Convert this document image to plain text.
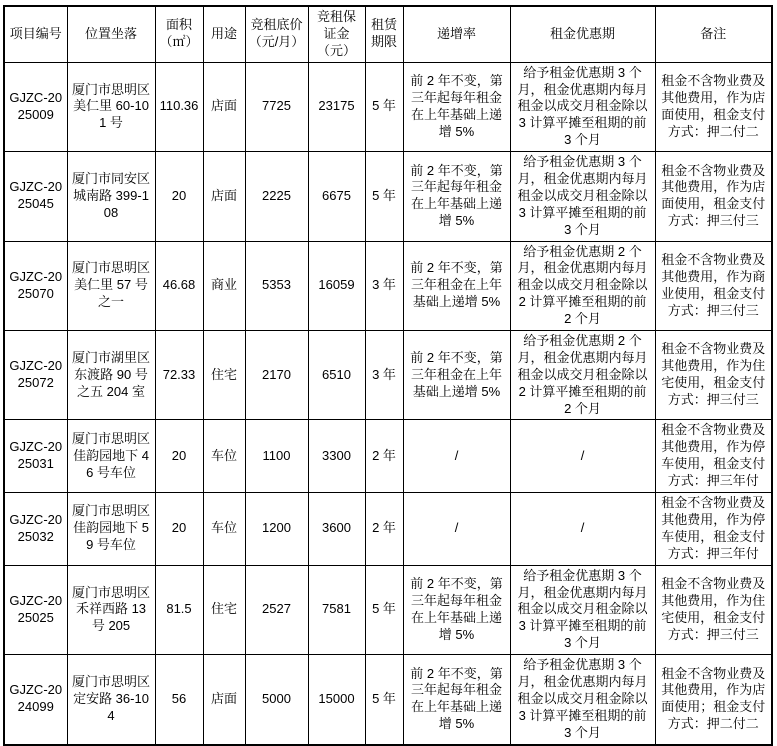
项目编号	位置坐落	面积（㎡）	用途	竞租底价（元/月）	竞租保证金（元）	租赁期限	递增率	租金优惠期	备注
GJZC-2025009	厦门市思明区美仁里 60-101 号	110.36	店面	7725	23175	5 年	前 2 年不变，第三年起每年租金在上年基础上递增 5%	给予租金优惠期 3 个月，租金优惠期内每月租金以成交月租金除以 3 计算平摊至租期的前 3 个月	租金不含物业费及其他费用，作为店面使用，租金支付方式：押二付二
GJZC-2025045	厦门市同安区城南路 399-108	20	店面	2225	6675	5 年	前 2 年不变，第三年起每年租金在上年基础上递增 5%	给予租金优惠期 3 个月，租金优惠期内每月租金以成交月租金除以 3 计算平摊至租期的前 3 个月	租金不含物业费及其他费用，作为店面使用，租金支付方式：押三付三
GJZC-2025070	厦门市思明区美仁里 57 号之一	46.68	商业	5353	16059	3 年	前 2 年不变，第三年租金在上年基础上递增 5%	给予租金优惠期 2 个月，租金优惠期内每月租金以成交月租金除以 2 计算平摊至租期的前 2 个月	租金不含物业费及其他费用，作为商业使用，租金支付方式：押三付三
GJZC-2025072	厦门市湖里区东渡路 90 号之五 204 室	72.33	住宅	2170	6510	3 年	前 2 年不变，第三年租金在上年基础上递增 5%	给予租金优惠期 2 个月，租金优惠期内每月租金以成交月租金除以 2 计算平摊至租期的前 2 个月	租金不含物业费及其他费用，作为住宅使用，租金支付方式：押三付三
GJZC-2025031	厦门市思明区佳韵园地下 46 号车位	20	车位	1100	3300	2 年	/	/	租金不含物业费及其他费用，作为停车使用，租金支付方式：押三年付
GJZC-2025032	厦门市思明区佳韵园地下 59 号车位	20	车位	1200	3600	2 年	/	/	租金不含物业费及其他费用，作为停车使用，租金支付方式：押三年付
GJZC-2025025	厦门市思明区禾祥西路 13 号 205	81.5	住宅	2527	7581	5 年	前 2 年不变，第三年起每年租金在上年基础上递增 5%	给予租金优惠期 3 个月，租金优惠期内每月租金以成交月租金除以 3 计算平摊至租期的前 3 个月	租金不含物业费及其他费用，作为住宅使用，租金支付方式：押三付三
GJZC-2024099	厦门市思明区定安路 36-104	56	店面	5000	15000	5 年	前 2 年不变，第三年起每年租金在上年基础上递增 5%	给予租金优惠期 3 个月，租金优惠期内每月租金以成交月租金除以 3 计算平摊至租期的前 3 个月	租金不含物业费及其他费用，作为店面使用；租金支付方式：押二付二
